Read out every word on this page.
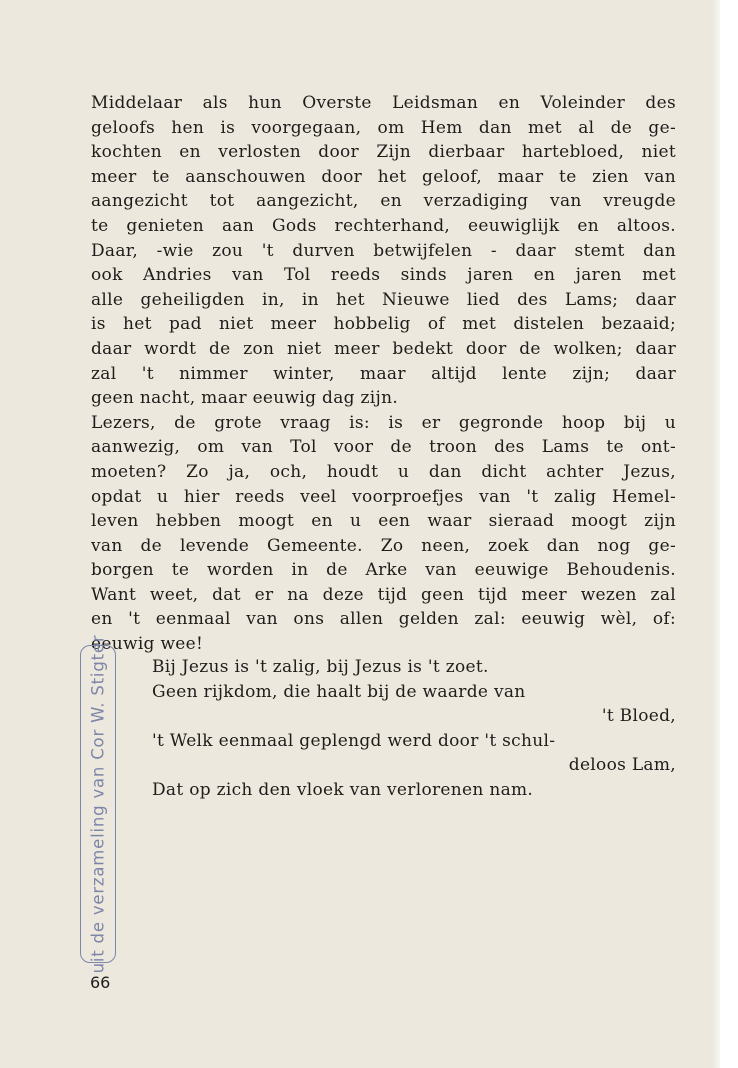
Middelaar als hun Overste Leidsman en Voleinder des
geloofs hen is voorgegaan, om Hem dan met al de ge-
kochten en verlosten door Zijn dierbaar hartebloed, niet
meer te aanschouwen door het geloof, maar te zien van
aangezicht tot aangezicht, en verzadiging van vreugde
te genieten aan Gods rechterhand, eeuwiglijk en altoos.
Daar, -wie zou 't durven betwijfelen - daar stemt dan
ook Andries van Tol reeds sinds jaren en jaren met
alle geheiligden in, in het Nieuwe lied des Lams; daar
is het pad niet meer hobbelig of met distelen bezaaid;
daar wordt de zon niet meer bedekt door de wolken; daar
zal 't nimmer winter, maar altijd lente zijn; daar
geen nacht, maar eeuwig dag zijn.
Lezers, de grote vraag is: is er gegronde hoop bij u
aanwezig, om van Tol voor de troon des Lams te ont-
moeten? Zo ja, och, houdt u dan dicht achter Jezus,
opdat u hier reeds veel voorproefjes van 't zalig Hemel-
leven hebben moogt en u een waar sieraad moogt zijn
van de levende Gemeente. Zo neen, zoek dan nog ge-
borgen te worden in de Arke van eeuwige Behoudenis.
Want weet, dat er na deze tijd geen tijd meer wezen zal
en 't eenmaal van ons allen gelden zal: eeuwig wèl, of:
eeuwig wee!
uit de verzameling van Cor W. Stigter	Bij Jezus is 't zalig, bij Jezus is 't zoet.
Geen rijkdom, die haalt bij de waarde van
't Bloed,
't Welk eenmaal geplengd werd door 't schul-
deloos Lam,
Dat op zich den vloek van verlorenen nam.
66
